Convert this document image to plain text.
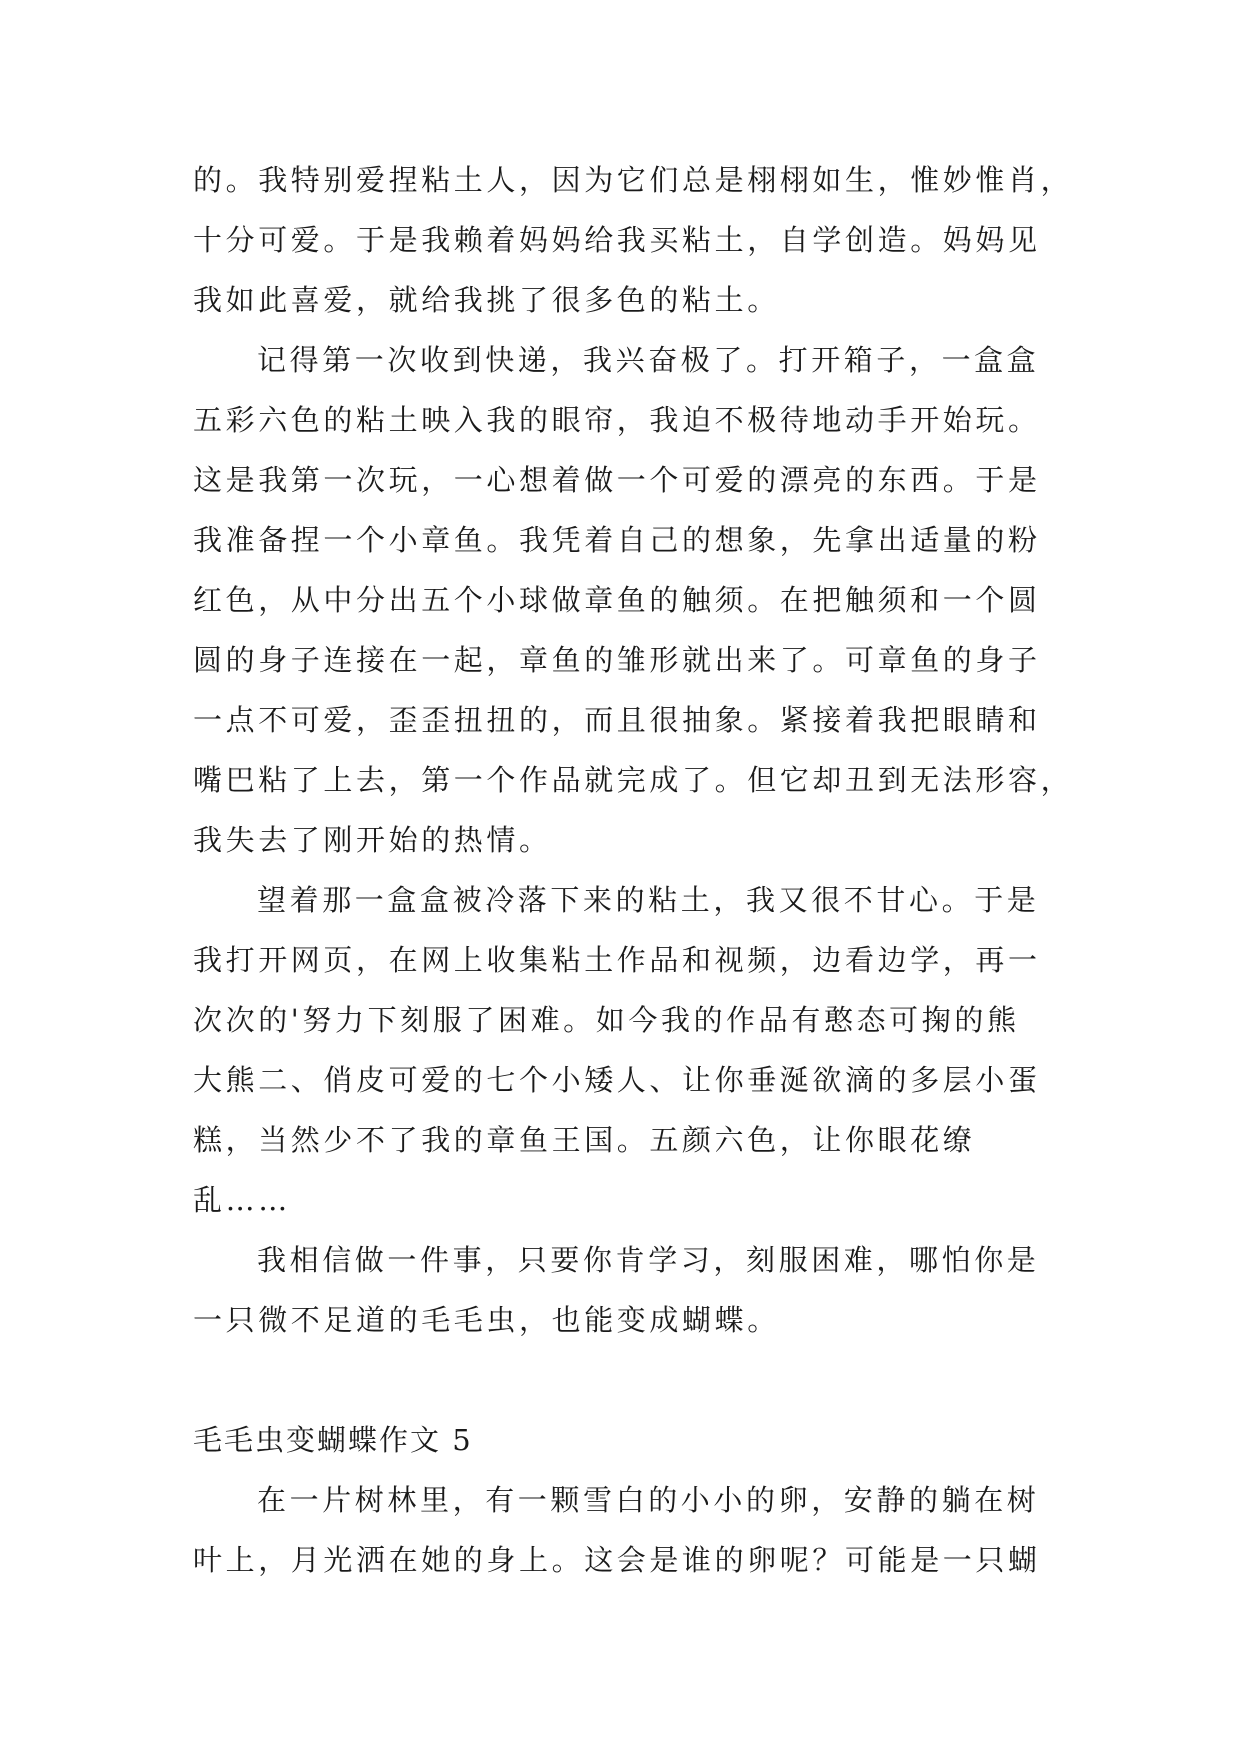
的。我特别爱捏粘土人，因为它们总是栩栩如生，惟妙惟肖，
十分可爱。于是我赖着妈妈给我买粘土，自学创造。妈妈见
我如此喜爱，就给我挑了很多色的粘土。
记得第一次收到快递，我兴奋极了。打开箱子，一盒盒
五彩六色的粘土映入我的眼帘，我迫不极待地动手开始玩。
这是我第一次玩，一心想着做一个可爱的漂亮的东西。于是
我准备捏一个小章鱼。我凭着自己的想象，先拿出适量的粉
红色，从中分出五个小球做章鱼的触须。在把触须和一个圆
圆的身子连接在一起，章鱼的雏形就出来了。可章鱼的身子
一点不可爱，歪歪扭扭的，而且很抽象。紧接着我把眼睛和
嘴巴粘了上去，第一个作品就完成了。但它却丑到无法形容，
我失去了刚开始的热情。
望着那一盒盒被冷落下来的粘土，我又很不甘心。于是
我打开网页，在网上收集粘土作品和视频，边看边学，再一
次次的'努力下刻服了困难。如今我的作品有憨态可掬的熊
大熊二、俏皮可爱的七个小矮人、让你垂涎欲滴的多层小蛋
糕，当然少不了我的章鱼王国。五颜六色，让你眼花缭
乱……
我相信做一件事，只要你肯学习，刻服困难，哪怕你是
一只微不足道的毛毛虫，也能变成蝴蝶。
毛毛虫变蝴蝶作文 5
在一片树林里，有一颗雪白的小小的卵，安静的躺在树
叶上，月光洒在她的身上。这会是谁的卵呢？可能是一只蝴
